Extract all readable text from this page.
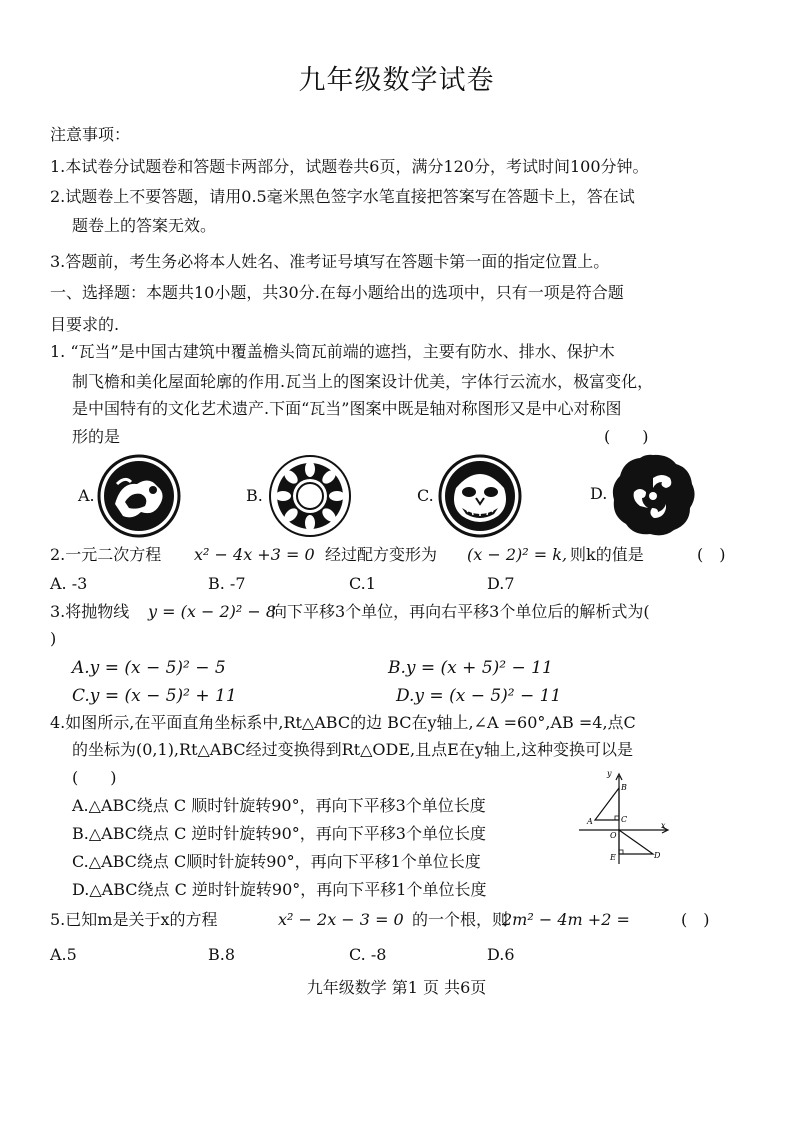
九年级数学试卷
注意事项：
1.本试卷分试题卷和答题卡两部分，试题卷共6页，满分120分，考试时间100分钟。
2.试题卷上不要答题，请用0.5毫米黑色签字水笔直接把答案写在答题卡上，答在试
题卷上的答案无效。
3.答题前，考生务必将本人姓名、准考证号填写在答题卡第一面的指定位置上。
一、选择题：本题共10小题，共30分.在每小题给出的选项中，只有一项是符合题
目要求的.
1. “瓦当”是中国古建筑中覆盖檐头筒瓦前端的遮挡，主要有防水、排水、保护木
制飞檐和美化屋面轮廓的作用.瓦当上的图案设计优美，字体行云流水，极富变化，
是中国特有的文化艺术遗产.下面“瓦当”图案中既是轴对称图形又是中心对称图
形的是	(　　)
A.	B.	C.	D.
2.一元二次方程 x² − 4x +3 = 0 经过配方变形为 (x − 2)² = k, 则k的值是	(　)
A. -3	B. -7	C.1	D.7
3.将抛物线 y = (x − 2)² − 8
向下平移3个单位，再向右平移3个单位后的解析式为(
)
A.y = (x − 5)² − 5	B.y = (x + 5)² − 11
C.y = (x − 5)² + 11	D.y = (x − 5)² − 11
4.如图所示,在平面直角坐标系中,Rt△ABC的边 BC在y轴上,∠A =60°,AB =4,点C
的坐标为(0,1),Rt△ABC经过变换得到Rt△ODE,且点E在y轴上,这种变换可以是
(　　)
A.△ABC绕点 C 顺时针旋转90°，再向下平移3个单位长度
B.△ABC绕点 C 逆时针旋转90°，再向下平移3个单位长度
C.△ABC绕点 C顺时针旋转90°，再向下平移1个单位长度
D.△ABC绕点 C 逆时针旋转90°，再向下平移1个单位长度
y
x
B
A	C
O
E	D
5.已知m是关于x的方程	x² − 2x − 3 = 0 的一个根，则
2m² − 4m +2 =	(　)
A.5	B.8	C. -8	D.6
九年级数学 第1 页 共6页
